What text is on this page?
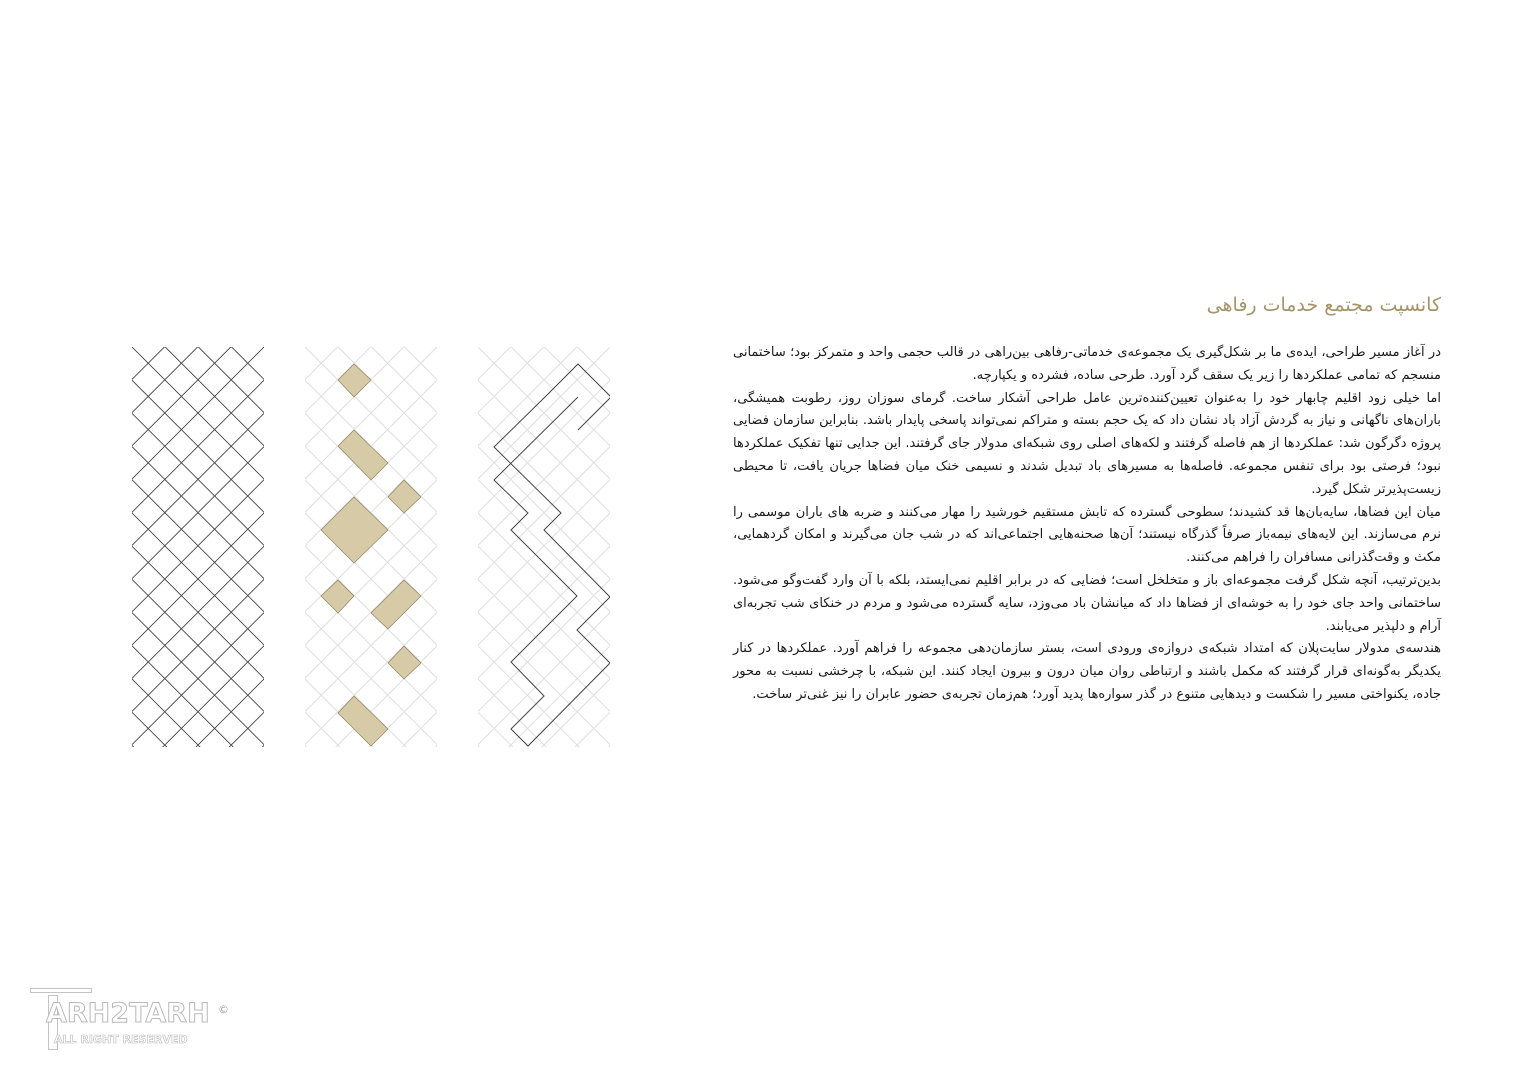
کانسپت مجتمع خدمات رفاهی

در آغاز مسیر طراحی، ایده‌ی ما بر شکل‌گیری یک مجموعه‌ی خدماتی-رفاهی بین‌راهی در قالب حجمی واحد و متمرکز بود؛ ساختمانی منسجم که تمامی عملکردها را زیر یک سقف گرد آورد. طرحی ساده، فشرده و یکپارچه.

اما خیلی زود اقلیم چابهار خود را به‌عنوان تعیین‌کننده‌ترین عامل طراحی آشکار ساخت. گرمای سوزان روز، رطوبت همیشگی، باران‌های ناگهانی و نیاز به گردش آزاد باد نشان داد که یک حجم بسته و متراکم نمی‌تواند پاسخی پایدار باشد. بنابراین سازمان فضایی پروژه دگرگون شد: عملکردها از هم فاصله گرفتند و لکه‌های اصلی روی شبکه‌ای مدولار جای گرفتند. این جدایی تنها تفکیک عملکردها نبود؛ فرصتی بود برای تنفس مجموعه. فاصله‌ها به مسیرهای باد تبدیل شدند و نسیمی خنک میان فضاها جریان یافت، تا محیطی زیست‌پذیرتر شکل گیرد.

میان این فضاها، سایه‌بان‌ها قد کشیدند؛ سطوحی گسترده که تابش مستقیم خورشید را مهار می‌کنند و ضربه های باران موسمی را نرم می‌سازند. این لایه‌های نیمه‌باز صرفاً گذرگاه نیستند؛ آن‌ها صحنه‌هایی اجتماعی‌اند که در شب جان می‌گیرند و امکان گردهمایی، مکث و وقت‌گذرانی مسافران را فراهم می‌کنند.

بدین‌ترتیب، آنچه شکل گرفت مجموعه‌ای باز و متخلخل است؛ فضایی که در برابر اقلیم نمی‌ایستد، بلکه با آن وارد گفت‌وگو می‌شود. ساختمانی واحد جای خود را به خوشه‌ای از فضاها داد که میانشان باد می‌وزد، سایه گسترده می‌شود و مردم در خنکای شب تجربه‌ای آرام و دلپذیر می‌یابند.

هندسه‌ی مدولار سایت‌پلان که امتداد شبکه‌ی دروازه‌ی ورودی است، بستر سازمان‌دهی مجموعه را فراهم آورد. عملکردها در کنار یکدیگر به‌گونه‌ای قرار گرفتند که مکمل باشند و ارتباطی روان میان درون و بیرون ایجاد کنند. این شبکه، با چرخشی نسبت به محور جاده، یکنواختی مسیر را شکست و دیدهایی متنوع در گذر سواره‌ها پدید آورد؛ هم‌زمان تجربه‌ی حضور عابران را نیز غنی‌تر ساخت.

ARH2TARH
ALL RIGHT RESERVED
©
